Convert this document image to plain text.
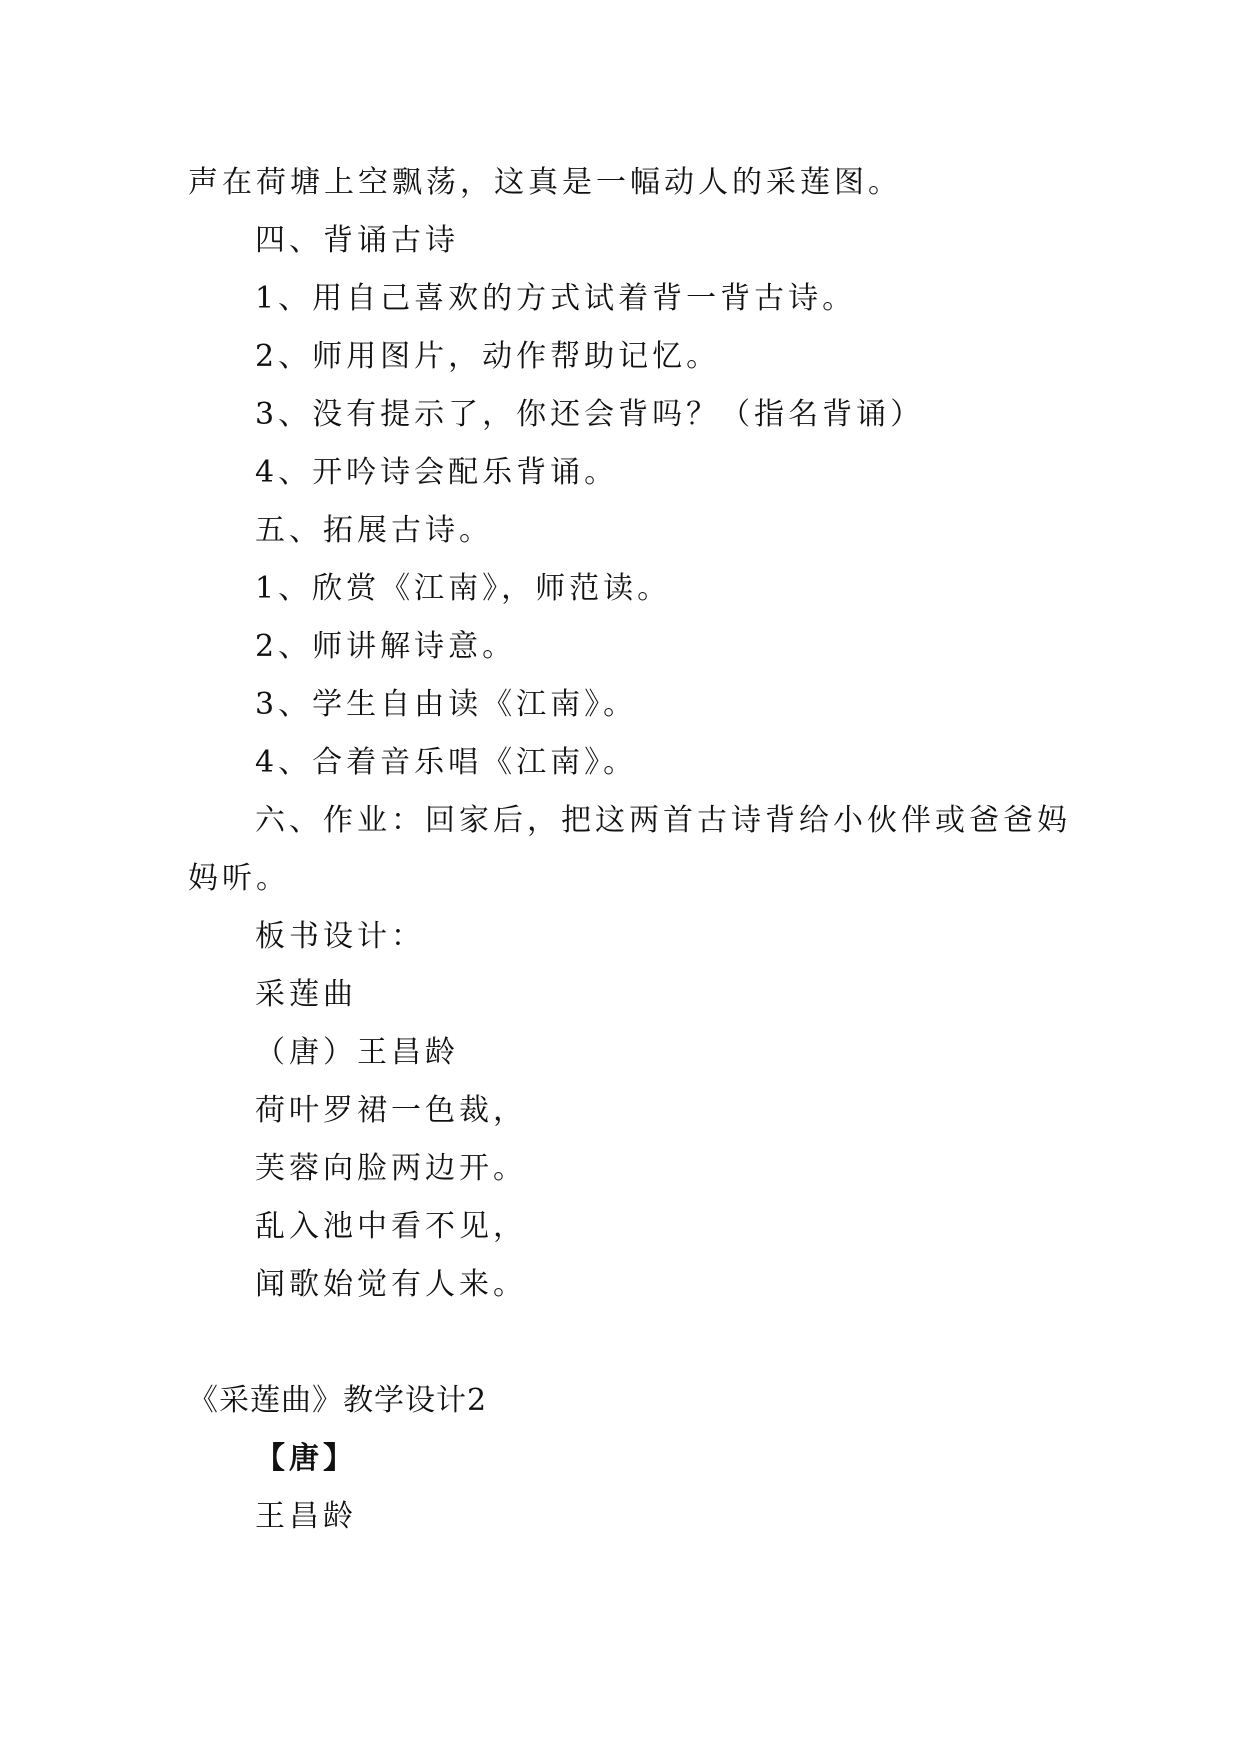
声在荷塘上空飘荡，这真是一幅动人的采莲图。
四、背诵古诗
1、用自己喜欢的方式试着背一背古诗。
2、师用图片，动作帮助记忆。
3、没有提示了，你还会背吗？（指名背诵）
4、开吟诗会配乐背诵。
五、拓展古诗。
1、欣赏《江南》，师范读。
2、师讲解诗意。
3、学生自由读《江南》。
4、合着音乐唱《江南》。
六、作业：回家后，把这两首古诗背给小伙伴或爸爸妈
妈听。
板书设计：
采莲曲
（唐）王昌龄
荷叶罗裙一色裁，
芙蓉向脸两边开。
乱入池中看不见，
闻歌始觉有人来。
《采莲曲》教学设计2
【唐】
王昌龄
